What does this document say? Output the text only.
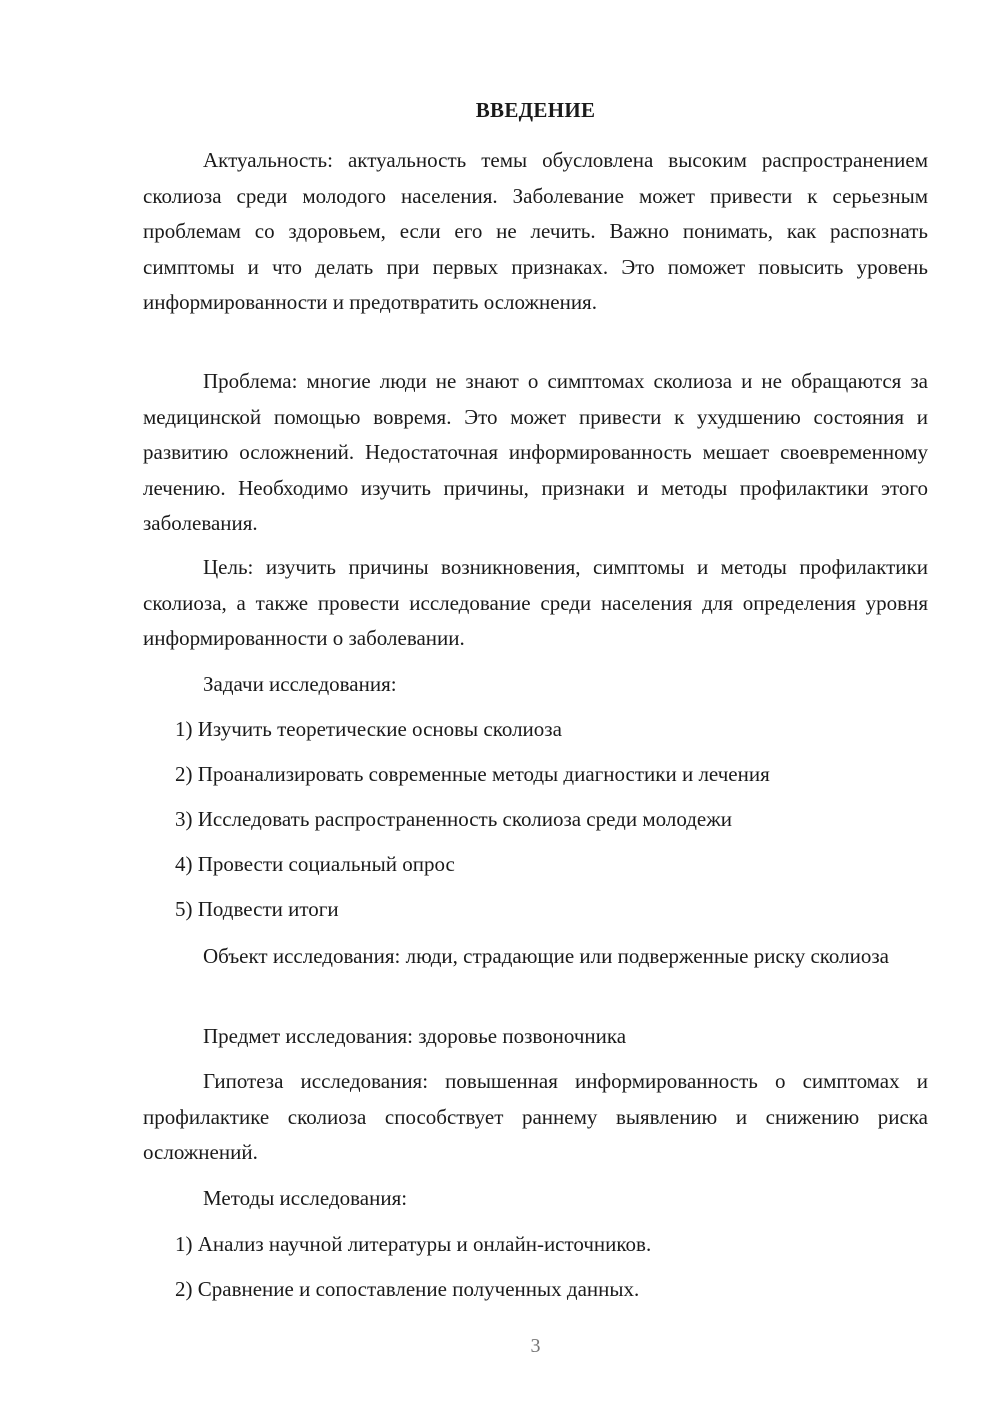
ВВЕДЕНИЕ

Актуальность: актуальность темы обусловлена высоким распространением сколиоза среди молодого населения. Заболевание может привести к серьезным проблемам со здоровьем, если его не лечить. Важно понимать, как распознать симптомы и что делать при первых признаках. Это поможет повысить уровень информированности и предотвратить осложнения.

Проблема: многие люди не знают о симптомах сколиоза и не обращаются за медицинской помощью вовремя. Это может привести к ухудшению состояния и развитию осложнений. Недостаточная информированность мешает своевременному лечению. Необходимо изучить причины, признаки и методы профилактики этого заболевания.

Цель: изучить причины возникновения, симптомы и методы профилактики сколиоза, а также провести исследование среди населения для определения уровня информированности о заболевании.

Задачи исследования:

1) Изучить теоретические основы сколиоза

2) Проанализировать современные методы диагностики и лечения

3) Исследовать распространенность сколиоза среди молодежи

4) Провести социальный опрос

5) Подвести итоги

Объект исследования: люди, страдающие или подверженные риску сколиоза

Предмет исследования: здоровье позвоночника

Гипотеза исследования: повышенная информированность о симптомах и профилактике сколиоза способствует раннему выявлению и снижению риска осложнений.

Методы исследования:

1) Анализ научной литературы и онлайн-источников.

2) Сравнение и сопоставление полученных данных.

3
